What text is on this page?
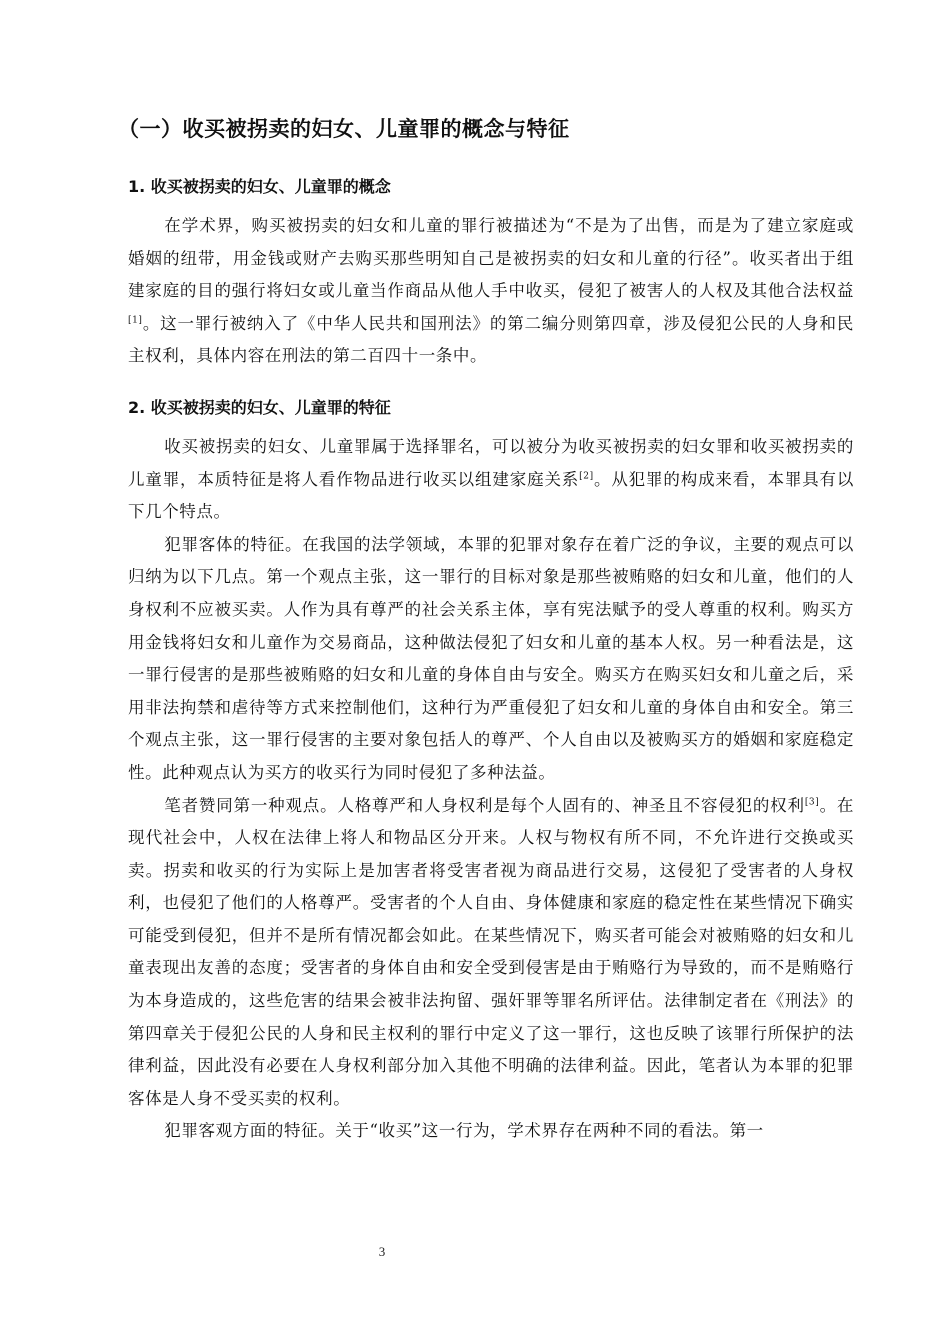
（一）收买被拐卖的妇女、儿童罪的概念与特征
1. 收买被拐卖的妇女、儿童罪的概念

在学术界，购买被拐卖的妇女和儿童的罪行被描述为“不是为了出售，而是为了建立家庭或婚姻的纽带，用金钱或财产去购买那些明知自己是被拐卖的妇女和儿童的行径”。收买者出于组建家庭的目的强行将妇女或儿童当作商品从他人手中收买，侵犯了被害人的人权及其他合法权益[1]。这一罪行被纳入了《中华人民共和国刑法》的第二编分则第四章，涉及侵犯公民的人身和民主权利，具体内容在刑法的第二百四十一条中。

2. 收买被拐卖的妇女、儿童罪的特征

收买被拐卖的妇女、儿童罪属于选择罪名，可以被分为收买被拐卖的妇女罪和收买被拐卖的儿童罪，本质特征是将人看作物品进行收买以组建家庭关系[2]。从犯罪的构成来看，本罪具有以下几个特点。

犯罪客体的特征。在我国的法学领域，本罪的犯罪对象存在着广泛的争议，主要的观点可以归纳为以下几点。第一个观点主张，这一罪行的目标对象是那些被贿赂的妇女和儿童，他们的人身权利不应被买卖。人作为具有尊严的社会关系主体，享有宪法赋予的受人尊重的权利。购买方用金钱将妇女和儿童作为交易商品，这种做法侵犯了妇女和儿童的基本人权。另一种看法是，这一罪行侵害的是那些被贿赂的妇女和儿童的身体自由与安全。购买方在购买妇女和儿童之后，采用非法拘禁和虐待等方式来控制他们，这种行为严重侵犯了妇女和儿童的身体自由和安全。第三个观点主张，这一罪行侵害的主要对象包括人的尊严、个人自由以及被购买方的婚姻和家庭稳定性。此种观点认为买方的收买行为同时侵犯了多种法益。

笔者赞同第一种观点。人格尊严和人身权利是每个人固有的、神圣且不容侵犯的权利[3]。在现代社会中，人权在法律上将人和物品区分开来。人权与物权有所不同，不允许进行交换或买卖。拐卖和收买的行为实际上是加害者将受害者视为商品进行交易，这侵犯了受害者的人身权利，也侵犯了他们的人格尊严。受害者的个人自由、身体健康和家庭的稳定性在某些情况下确实可能受到侵犯，但并不是所有情况都会如此。在某些情况下，购买者可能会对被贿赂的妇女和儿童表现出友善的态度；受害者的身体自由和安全受到侵害是由于贿赂行为导致的，而不是贿赂行为本身造成的，这些危害的结果会被非法拘留、强奸罪等罪名所评估。法律制定者在《刑法》的第四章关于侵犯公民的人身和民主权利的罪行中定义了这一罪行，这也反映了该罪行所保护的法律利益，因此没有必要在人身权利部分加入其他不明确的法律利益。因此，笔者认为本罪的犯罪客体是人身不受买卖的权利。

犯罪客观方面的特征。关于“收买”这一行为，学术界存在两种不同的看法。第一

3
